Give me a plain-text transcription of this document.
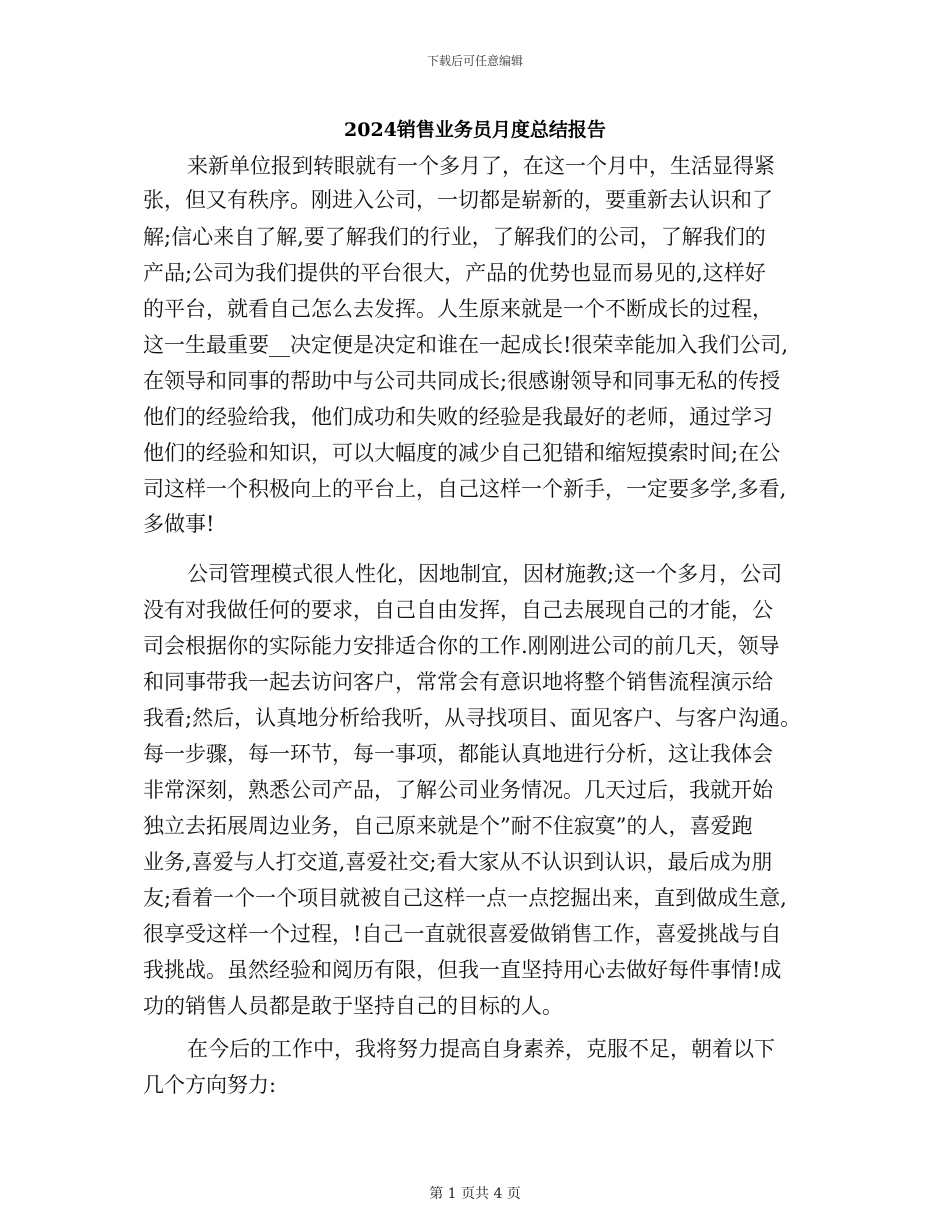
下载后可任意编辑
2024销售业务员月度总结报告
来新单位报到转眼就有一个多月了，在这一个月中，生活显得紧
张，但又有秩序。刚进入公司，一切都是崭新的，要重新去认识和了
解;信心来自了解,要了解我们的行业，了解我们的公司，了解我们的
产品;公司为我们提供的平台很大，产品的优势也显而易见的,这样好
的平台，就看自己怎么去发挥。人生原来就是一个不断成长的过程，
这一生最重要__决定便是决定和谁在一起成长!很荣幸能加入我们公司,
在领导和同事的帮助中与公司共同成长;很感谢领导和同事无私的传授
他们的经验给我，他们成功和失败的经验是我最好的老师，通过学习
他们的经验和知识，可以大幅度的减少自己犯错和缩短摸索时间;在公
司这样一个积极向上的平台上，自己这样一个新手，一定要多学,多看,
多做事!
公司管理模式很人性化，因地制宜，因材施教;这一个多月，公司
没有对我做任何的要求，自己自由发挥，自己去展现自己的才能，公
司会根据你的实际能力安排适合你的工作.刚刚进公司的前几天，领导
和同事带我一起去访问客户，常常会有意识地将整个销售流程演示给
我看;然后，认真地分析给我听，从寻找项目、面见客户、与客户沟通。
每一步骤，每一环节，每一事项，都能认真地进行分析，这让我体会
非常深刻，熟悉公司产品，了解公司业务情况。几天过后，我就开始
独立去拓展周边业务，自己原来就是个”耐不住寂寞”的人，喜爱跑
业务,喜爱与人打交道,喜爱社交;看大家从不认识到认识，最后成为朋
友;看着一个一个项目就被自己这样一点一点挖掘出来，直到做成生意,
很享受这样一个过程，!自己一直就很喜爱做销售工作，喜爱挑战与自
我挑战。虽然经验和阅历有限，但我一直坚持用心去做好每件事情!成
功的销售人员都是敢于坚持自己的目标的人。
在今后的工作中，我将努力提高自身素养，克服不足，朝着以下
几个方向努力:
第 1 页共 4 页
